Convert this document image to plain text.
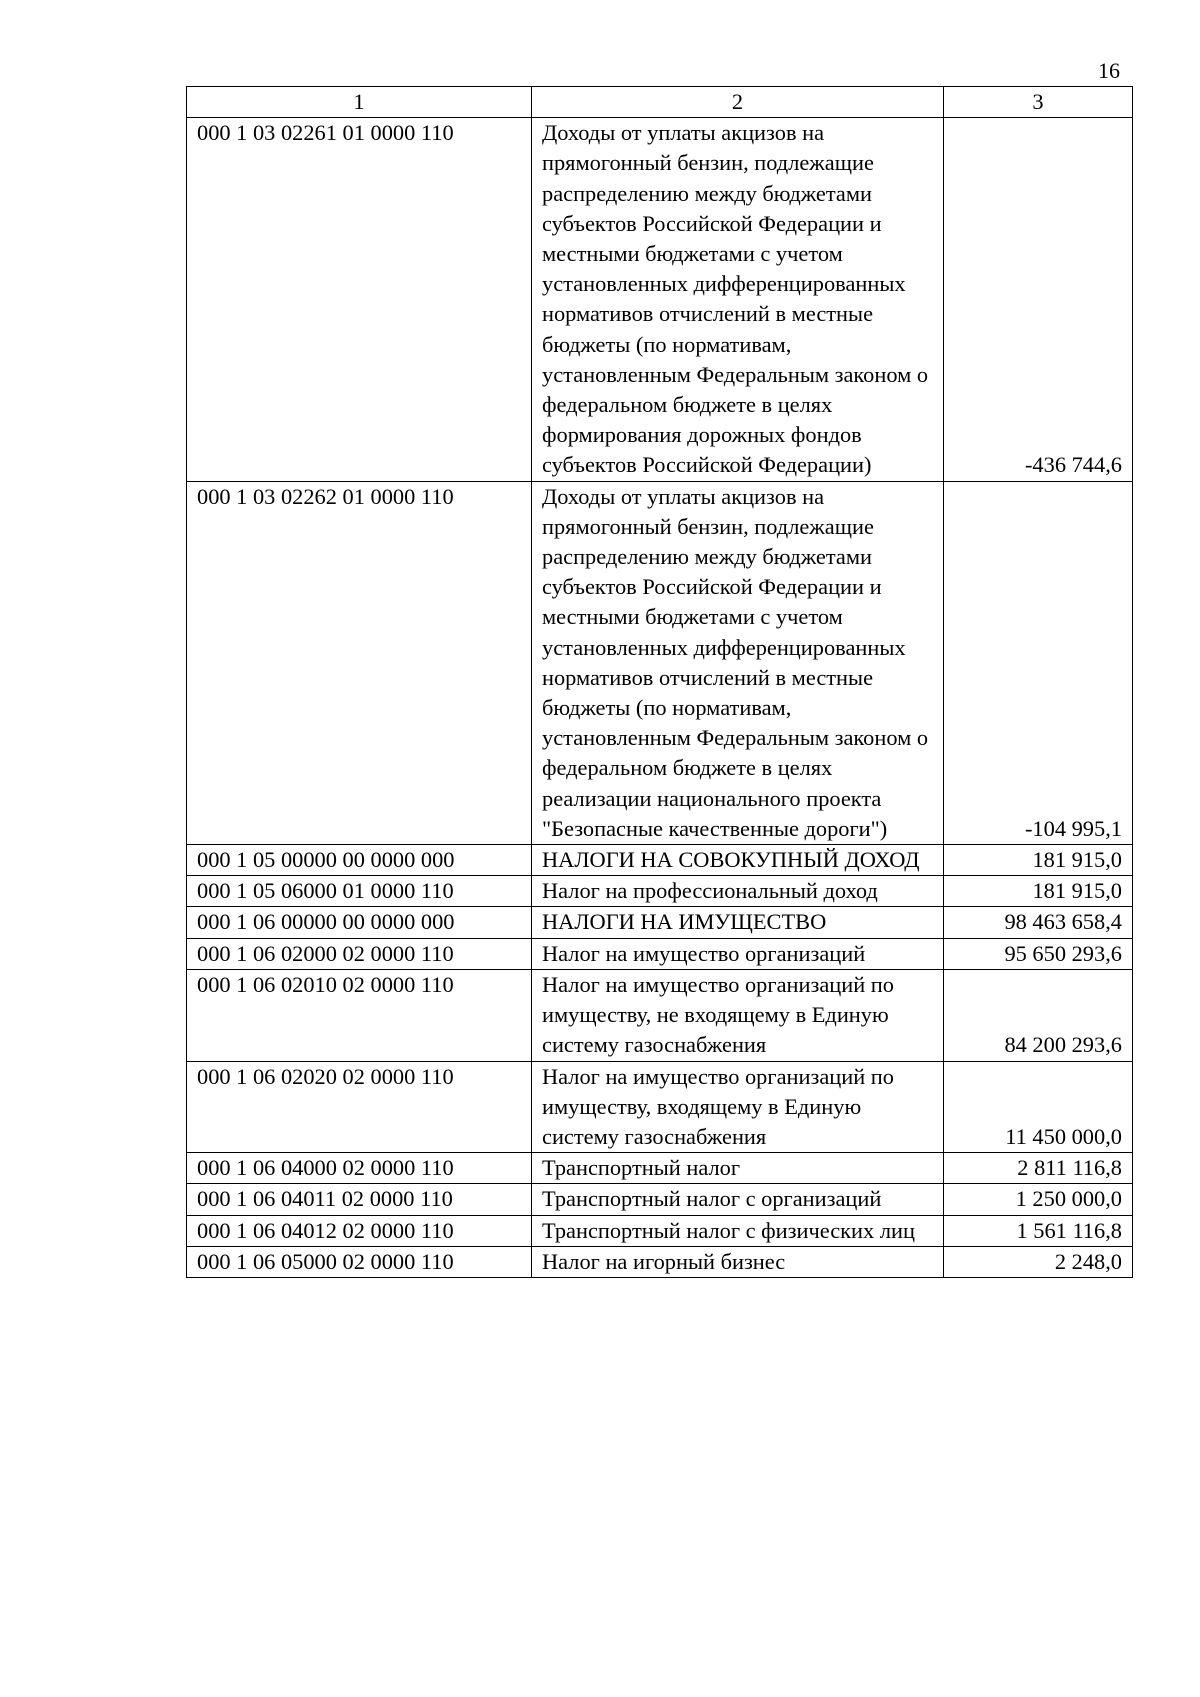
16
1	2	3
000 1 03 02261 01 0000 110	Доходы от уплаты акцизов на прямогонный бензин, подлежащие распределению между бюджетами субъектов Российской Федерации и местными бюджетами с учетом установленных дифференцированных нормативов отчислений в местные бюджеты (по нормативам, установленным Федеральным законом о федеральном бюджете в целях формирования дорожных фондов субъектов Российской Федерации)	-436 744,6
000 1 03 02262 01 0000 110	Доходы от уплаты акцизов на прямогонный бензин, подлежащие распределению между бюджетами субъектов Российской Федерации и местными бюджетами с учетом установленных дифференцированных нормативов отчислений в местные бюджеты (по нормативам, установленным Федеральным законом о федеральном бюджете в целях реализации национального проекта "Безопасные качественные дороги")	-104 995,1
000 1 05 00000 00 0000 000	НАЛОГИ НА СОВОКУПНЫЙ ДОХОД	181 915,0
000 1 05 06000 01 0000 110	Налог на профессиональный доход	181 915,0
000 1 06 00000 00 0000 000	НАЛОГИ НА ИМУЩЕСТВО	98 463 658,4
000 1 06 02000 02 0000 110	Налог на имущество организаций	95 650 293,6
000 1 06 02010 02 0000 110	Налог на имущество организаций по имуществу, не входящему в Единую систему газоснабжения	84 200 293,6
000 1 06 02020 02 0000 110	Налог на имущество организаций по имуществу, входящему в Единую систему газоснабжения	11 450 000,0
000 1 06 04000 02 0000 110	Транспортный налог	2 811 116,8
000 1 06 04011 02 0000 110	Транспортный налог с организаций	1 250 000,0
000 1 06 04012 02 0000 110	Транспортный налог с физических лиц	1 561 116,8
000 1 06 05000 02 0000 110	Налог на игорный бизнес	2 248,0
